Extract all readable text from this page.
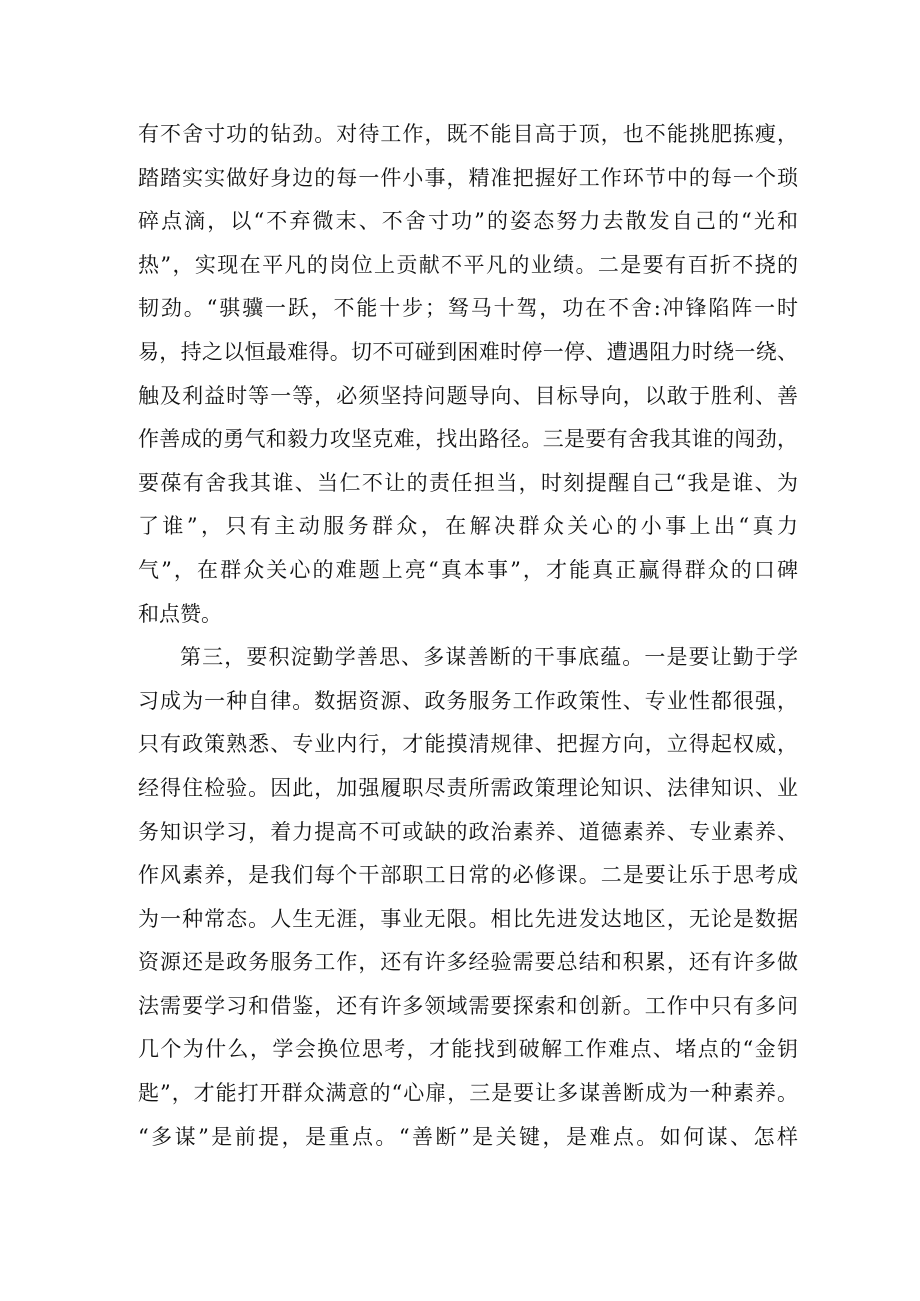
有不舍寸功的钻劲。对待工作，既不能目高于顶，也不能挑肥拣瘦，
踏踏实实做好身边的每一件小事，精准把握好工作环节中的每一个琐
碎点滴，以“不弃微末、不舍寸功”的姿态努力去散发自己的“光和
热”，实现在平凡的岗位上贡献不平凡的业绩。二是要有百折不挠的
韧劲。“骐骥一跃，不能十步；驽马十驾，功在不舍:冲锋陷阵一时
易，持之以恒最难得。切不可碰到困难时停一停、遭遇阻力时绕一绕、
触及利益时等一等，必须坚持问题导向、目标导向，以敢于胜利、善
作善成的勇气和毅力攻坚克难，找出路径。三是要有舍我其谁的闯劲，
要葆有舍我其谁、当仁不让的责任担当，时刻提醒自己“我是谁、为
了谁”，只有主动服务群众，在解决群众关心的小事上出“真力
气”，在群众关心的难题上亮“真本事”，才能真正赢得群众的口碑
和点赞。
第三，要积淀勤学善思、多谋善断的干事底蕴。一是要让勤于学
习成为一种自律。数据资源、政务服务工作政策性、专业性都很强，
只有政策熟悉、专业内行，才能摸清规律、把握方向，立得起权威，
经得住检验。因此，加强履职尽责所需政策理论知识、法律知识、业
务知识学习，着力提高不可或缺的政治素养、道德素养、专业素养、
作风素养，是我们每个干部职工日常的必修课。二是要让乐于思考成
为一种常态。人生无涯，事业无限。相比先进发达地区，无论是数据
资源还是政务服务工作，还有许多经验需要总结和积累，还有许多做
法需要学习和借鉴，还有许多领域需要探索和创新。工作中只有多问
几个为什么，学会换位思考，才能找到破解工作难点、堵点的“金钥
匙”，才能打开群众满意的“心扉，三是要让多谋善断成为一种素养。
“多谋”是前提，是重点。“善断”是关键，是难点。如何谋、怎样
